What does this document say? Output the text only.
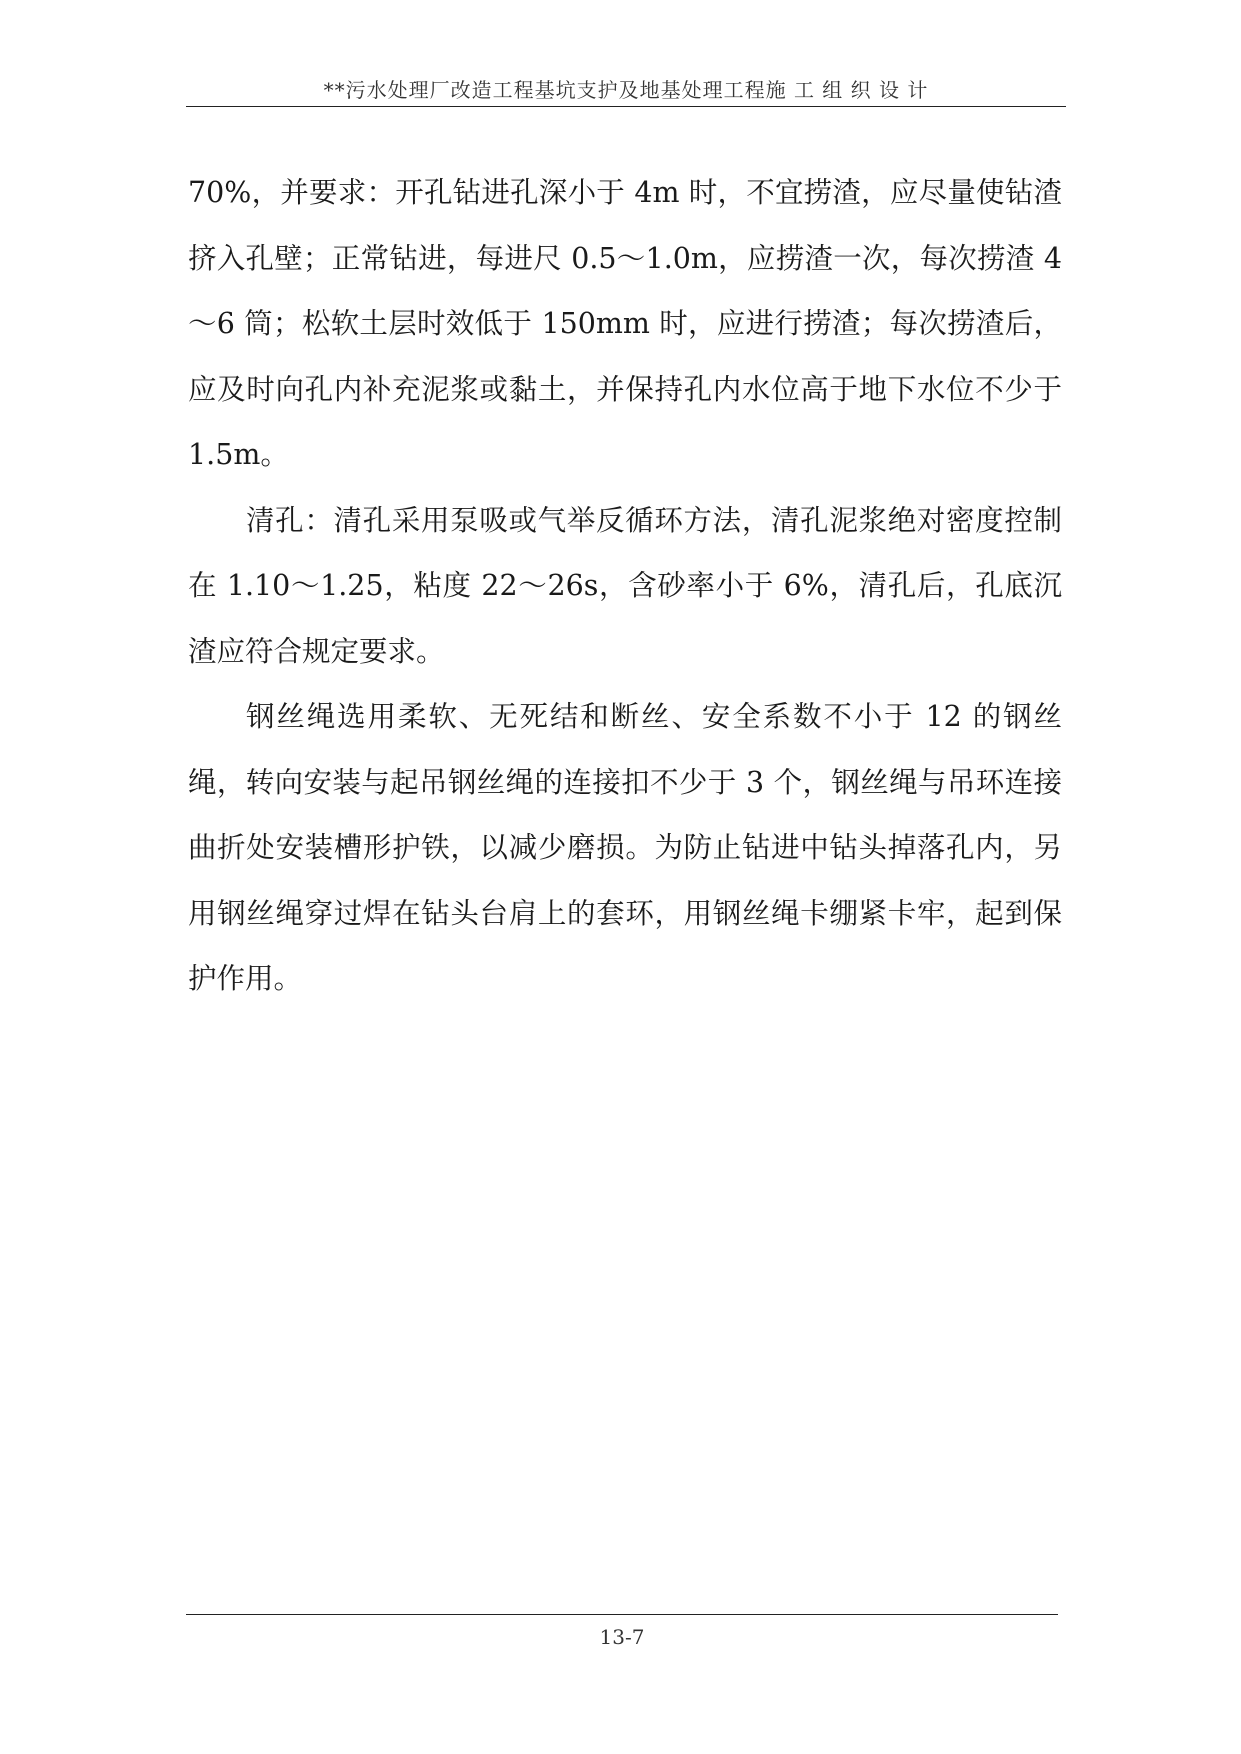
**污水处理厂改造工程基坑支护及地基处理工程施 工 组 织 设 计

70%，并要求：开孔钻进孔深小于 4m 时，不宜捞渣，应尽量使钻渣挤入孔壁；正常钻进，每进尺 0.5～1.0m，应捞渣一次，每次捞渣 4～6 筒；松软土层时效低于 150mm 时，应进行捞渣；每次捞渣后，应及时向孔内补充泥浆或黏土，并保持孔内水位高于地下水位不少于 1.5m。

清孔：清孔采用泵吸或气举反循环方法，清孔泥浆绝对密度控制在 1.10～1.25，粘度 22～26s，含砂率小于 6%，清孔后，孔底沉渣应符合规定要求。

钢丝绳选用柔软、无死结和断丝、安全系数不小于 12 的钢丝绳，转向安装与起吊钢丝绳的连接扣不少于 3 个，钢丝绳与吊环连接曲折处安装槽形护铁，以减少磨损。为防止钻进中钻头掉落孔内，另用钢丝绳穿过焊在钻头台肩上的套环，用钢丝绳卡绷紧卡牢，起到保护作用。

13-7
